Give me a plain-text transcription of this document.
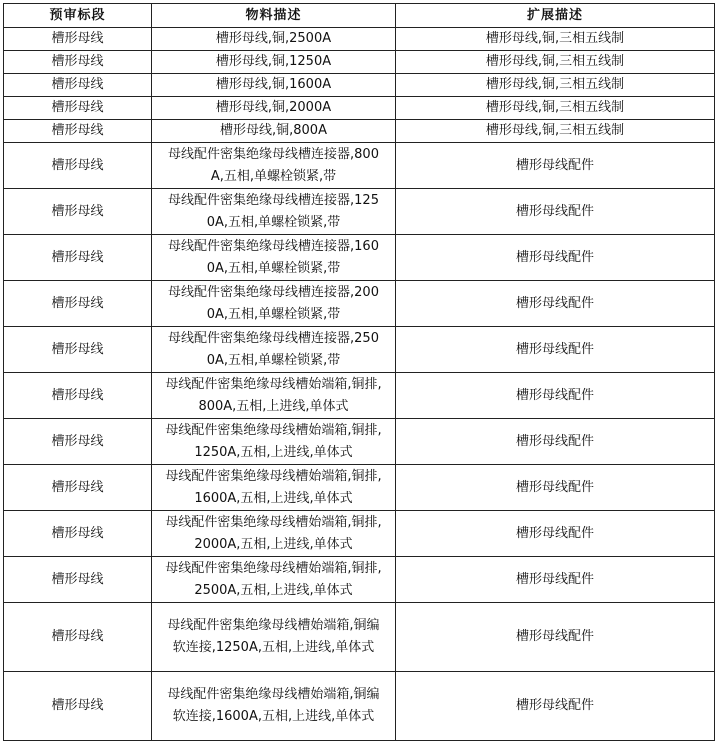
预审标段	物料描述	扩展描述
槽形母线	槽形母线,铜,2500A	槽形母线,铜,三相五线制
槽形母线	槽形母线,铜,1250A	槽形母线,铜,三相五线制
槽形母线	槽形母线,铜,1600A	槽形母线,铜,三相五线制
槽形母线	槽形母线,铜,2000A	槽形母线,铜,三相五线制
槽形母线	槽形母线,铜,800A	槽形母线,铜,三相五线制
槽形母线	母线配件密集绝缘母线槽连接器,800A,五相,单螺栓锁紧,带	槽形母线配件
槽形母线	母线配件密集绝缘母线槽连接器,1250A,五相,单螺栓锁紧,带	槽形母线配件
槽形母线	母线配件密集绝缘母线槽连接器,1600A,五相,单螺栓锁紧,带	槽形母线配件
槽形母线	母线配件密集绝缘母线槽连接器,2000A,五相,单螺栓锁紧,带	槽形母线配件
槽形母线	母线配件密集绝缘母线槽连接器,2500A,五相,单螺栓锁紧,带	槽形母线配件
槽形母线	母线配件密集绝缘母线槽始端箱,铜排,800A,五相,上进线,单体式	槽形母线配件
槽形母线	母线配件密集绝缘母线槽始端箱,铜排,1250A,五相,上进线,单体式	槽形母线配件
槽形母线	母线配件密集绝缘母线槽始端箱,铜排,1600A,五相,上进线,单体式	槽形母线配件
槽形母线	母线配件密集绝缘母线槽始端箱,铜排,2000A,五相,上进线,单体式	槽形母线配件
槽形母线	母线配件密集绝缘母线槽始端箱,铜排,2500A,五相,上进线,单体式	槽形母线配件
槽形母线	母线配件密集绝缘母线槽始端箱,铜编软连接,1250A,五相,上进线,单体式	槽形母线配件
槽形母线	母线配件密集绝缘母线槽始端箱,铜编软连接,1600A,五相,上进线,单体式	槽形母线配件
